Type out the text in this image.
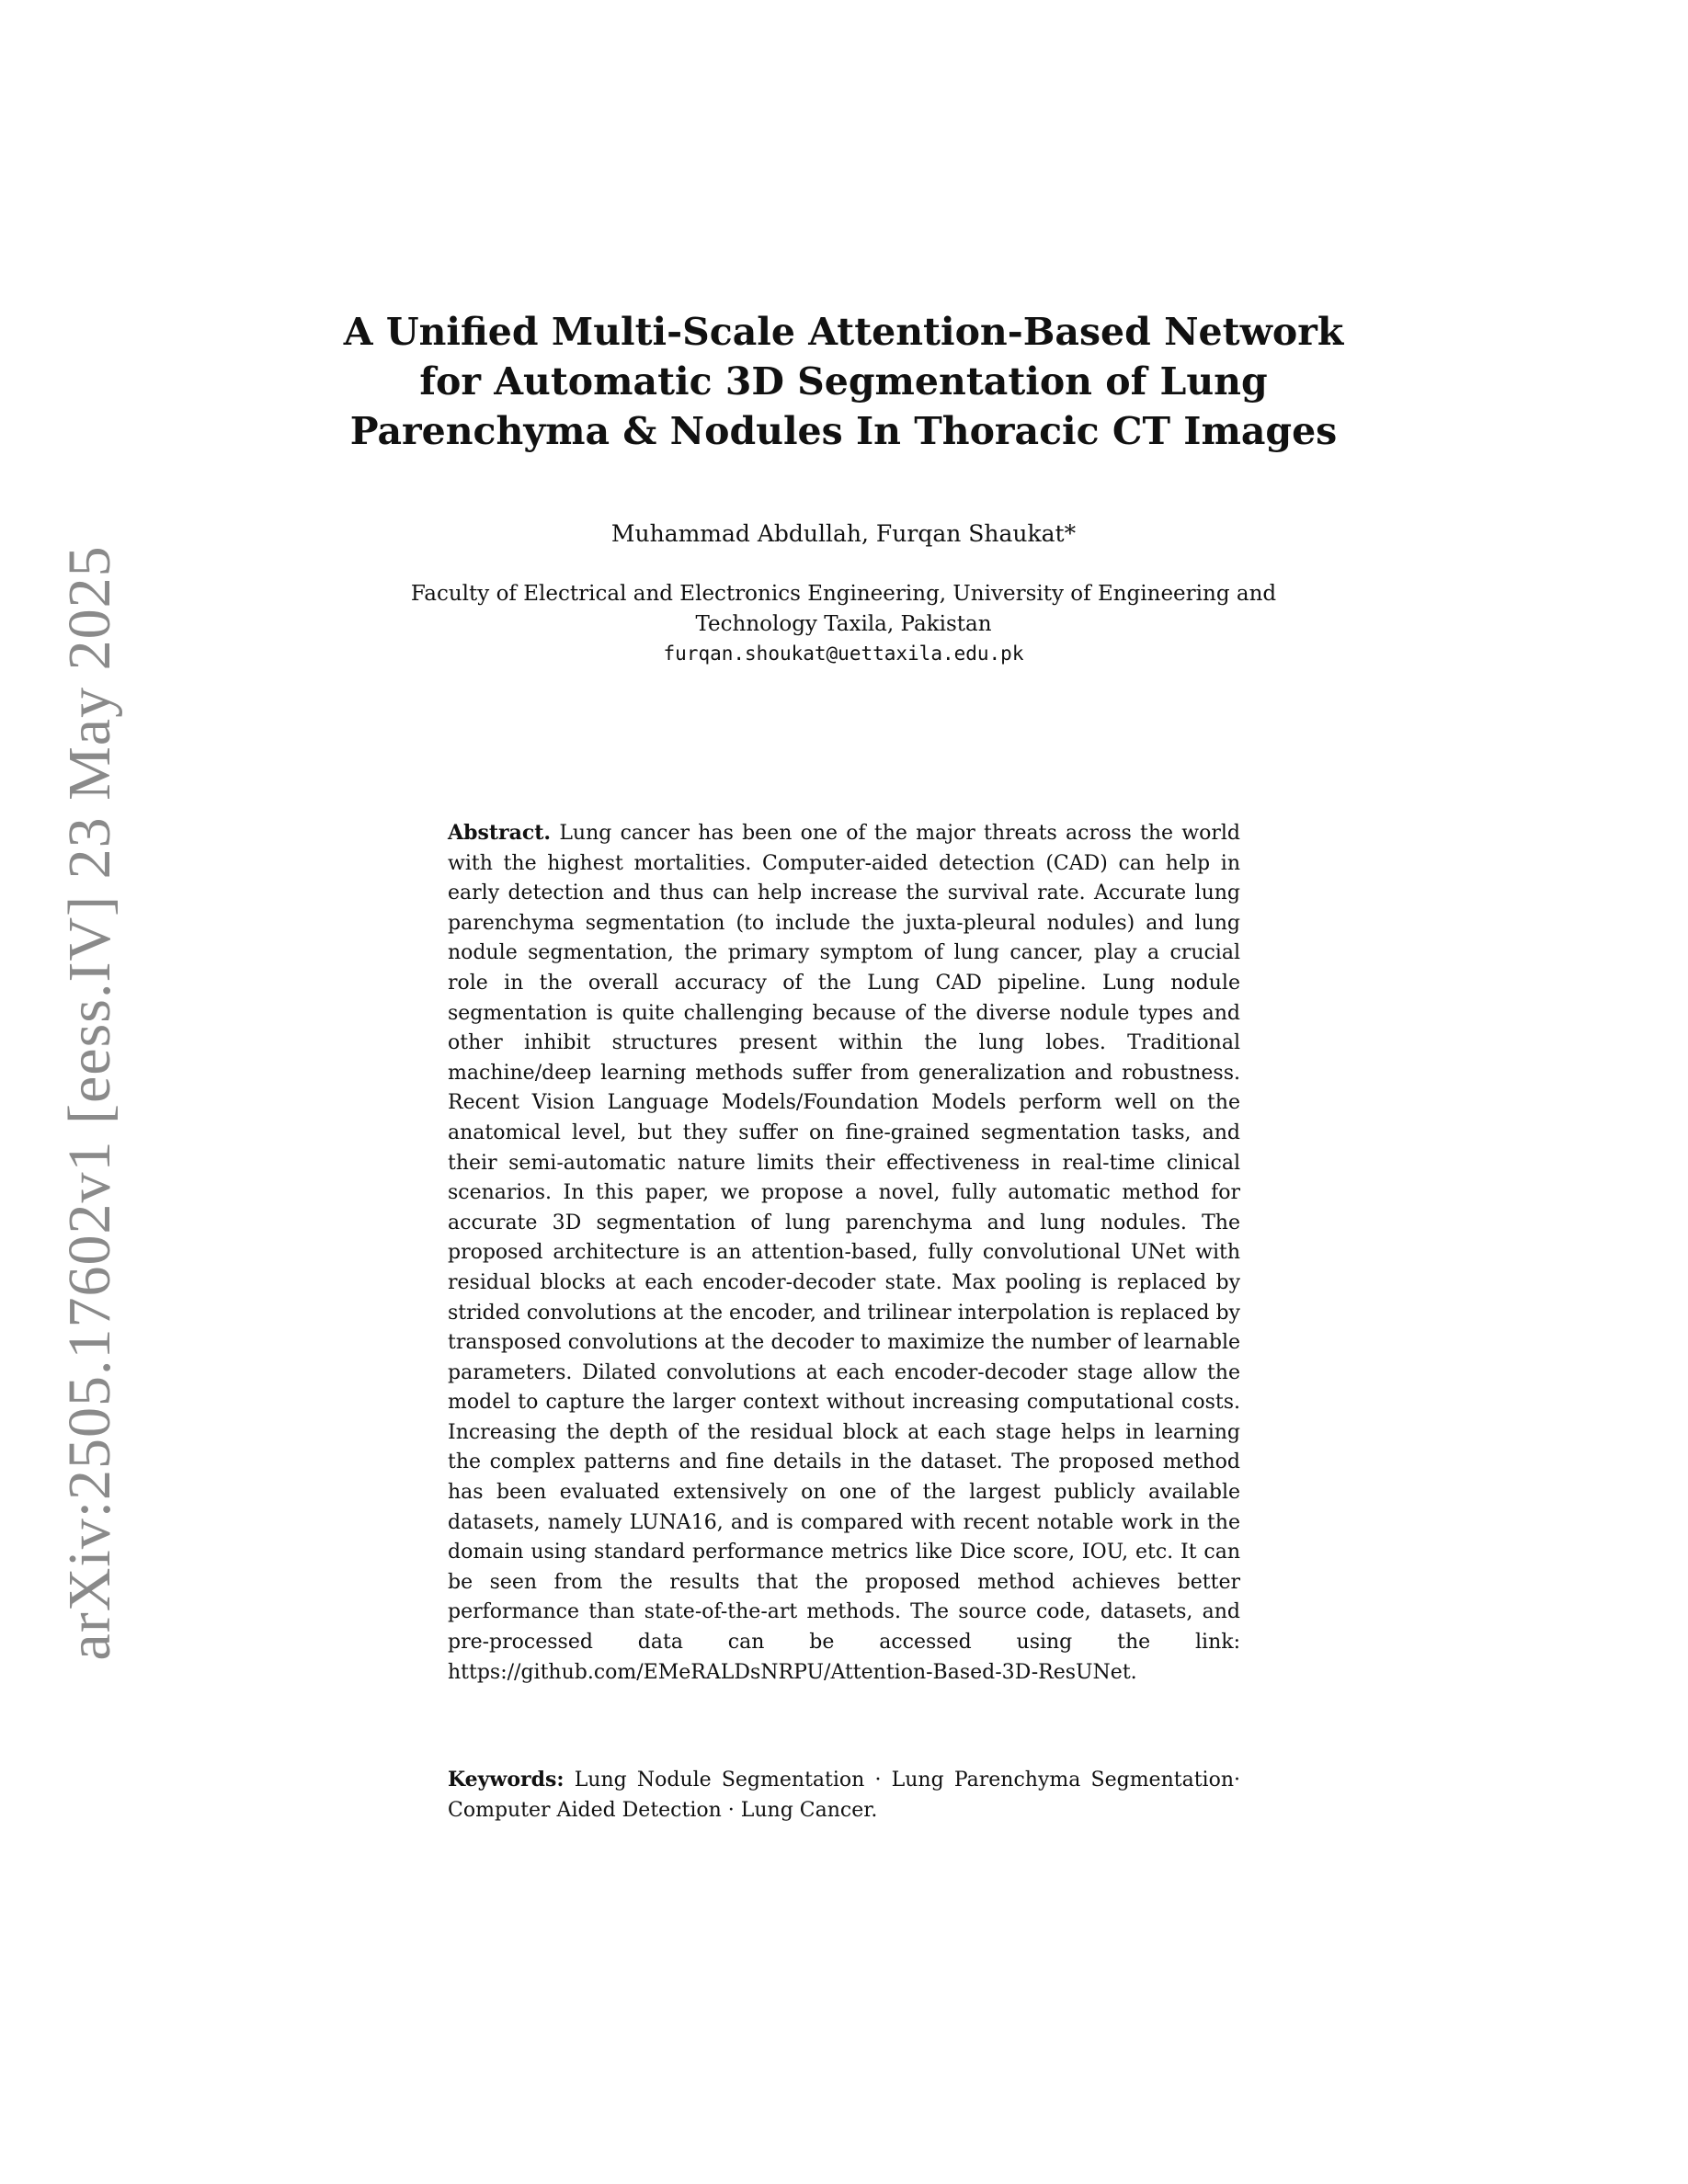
arXiv:2505.17602v1 [eess.IV] 23 May 2025
A Unified Multi-Scale Attention-Based Network
for Automatic 3D Segmentation of Lung
Parenchyma & Nodules In Thoracic CT Images
Muhammad Abdullah, Furqan Shaukat*
Faculty of Electrical and Electronics Engineering, University of Engineering and
Technology Taxila, Pakistan
furqan.shoukat@uettaxila.edu.pk

Abstract. Lung cancer has been one of the major threats across the world with the highest mortalities. Computer-aided detection (CAD) can help in early detection and thus can help increase the survival rate. Accurate lung parenchyma segmentation (to include the juxta-pleural nodules) and lung nodule segmentation, the primary symptom of lung cancer, play a crucial role in the overall accuracy of the Lung CAD pipeline. Lung nodule segmentation is quite challenging because of the diverse nodule types and other inhibit structures present within the lung lobes. Traditional machine/deep learning methods suffer from generalization and robustness. Recent Vision Language Models/Foundation Models perform well on the anatomical level, but they suffer on fine-grained segmentation tasks, and their semi-automatic nature limits their effectiveness in real-time clinical scenarios. In this paper, we propose a novel, fully automatic method for accurate 3D segmentation of lung parenchyma and lung nodules. The proposed architecture is an attention-based, fully convolutional UNet with residual blocks at each encoder-decoder state. Max pooling is replaced by strided convolutions at the encoder, and trilinear interpolation is replaced by transposed convolutions at the decoder to maximize the number of learnable parameters. Dilated convolutions at each encoder-decoder stage allow the model to capture the larger context without increasing computational costs. Increasing the depth of the residual block at each stage helps in learning the complex patterns and fine details in the dataset. The proposed method has been evaluated extensively on one of the largest publicly available datasets, namely LUNA16, and is compared with recent notable work in the domain using standard performance metrics like Dice score, IOU, etc. It can be seen from the results that the proposed method achieves better performance than state-of-the-art methods. The source code, datasets, and pre-processed data can be accessed using the link: https://github.com/EMeRALDsNRPU/Attention-Based-3D-ResUNet.

Keywords: Lung Nodule Segmentation · Lung Parenchyma Segmentation· Computer Aided Detection · Lung Cancer.
